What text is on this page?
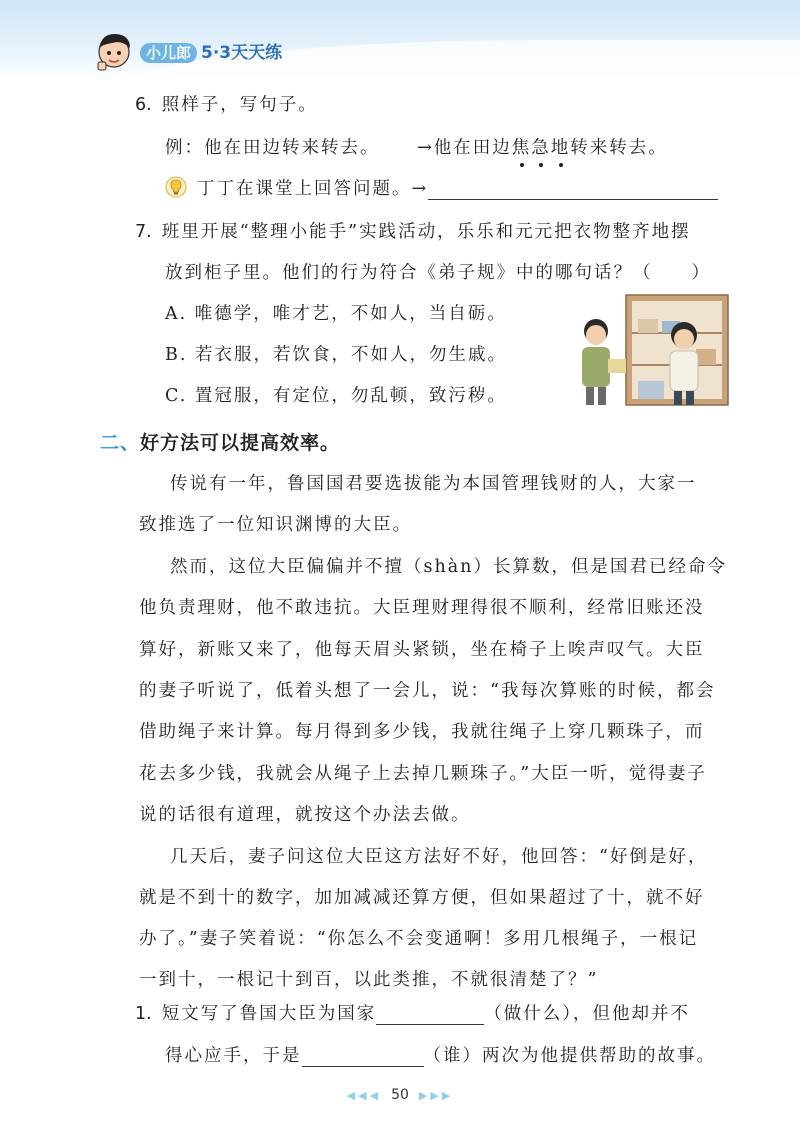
小儿郎 5·3天天练
6. 照样子，写句子。
例：他在田边转来转去。 →他在田边焦急地转来转去。
丁丁在课堂上回答问题。→
7. 班里开展“整理小能手”实践活动，乐乐和元元把衣物整齐地摆
放到柜子里。他们的行为符合《弟子规》中的哪句话？（　　）
A. 唯德学，唯才艺，不如人，当自砺。
B. 若衣服，若饮食，不如人，勿生戚。
C. 置冠服，有定位，勿乱顿，致污秽。
二、好方法可以提高效率。
传说有一年，鲁国国君要选拔能为本国管理钱财的人，大家一
致推选了一位知识渊博的大臣。
然而，这位大臣偏偏并不擅（shàn）长算数，但是国君已经命令
他负责理财，他不敢违抗。大臣理财理得很不顺利，经常旧账还没
算好，新账又来了，他每天眉头紧锁，坐在椅子上唉声叹气。大臣
的妻子听说了，低着头想了一会儿，说：“我每次算账的时候，都会
借助绳子来计算。每月得到多少钱，我就往绳子上穿几颗珠子，而
花去多少钱，我就会从绳子上去掉几颗珠子。”大臣一听，觉得妻子
说的话很有道理，就按这个办法去做。
几天后，妻子问这位大臣这方法好不好，他回答：“好倒是好，
就是不到十的数字，加加减减还算方便，但如果超过了十，就不好
办了。”妻子笑着说：“你怎么不会变通啊！多用几根绳子，一根记
一到十，一根记十到百，以此类推，不就很清楚了？”
1. 短文写了鲁国大臣为国家	（做什么），但他却并不
得心应手，于是	（谁）两次为他提供帮助的故事。
◀◀◀ 50 ▶▶▶
